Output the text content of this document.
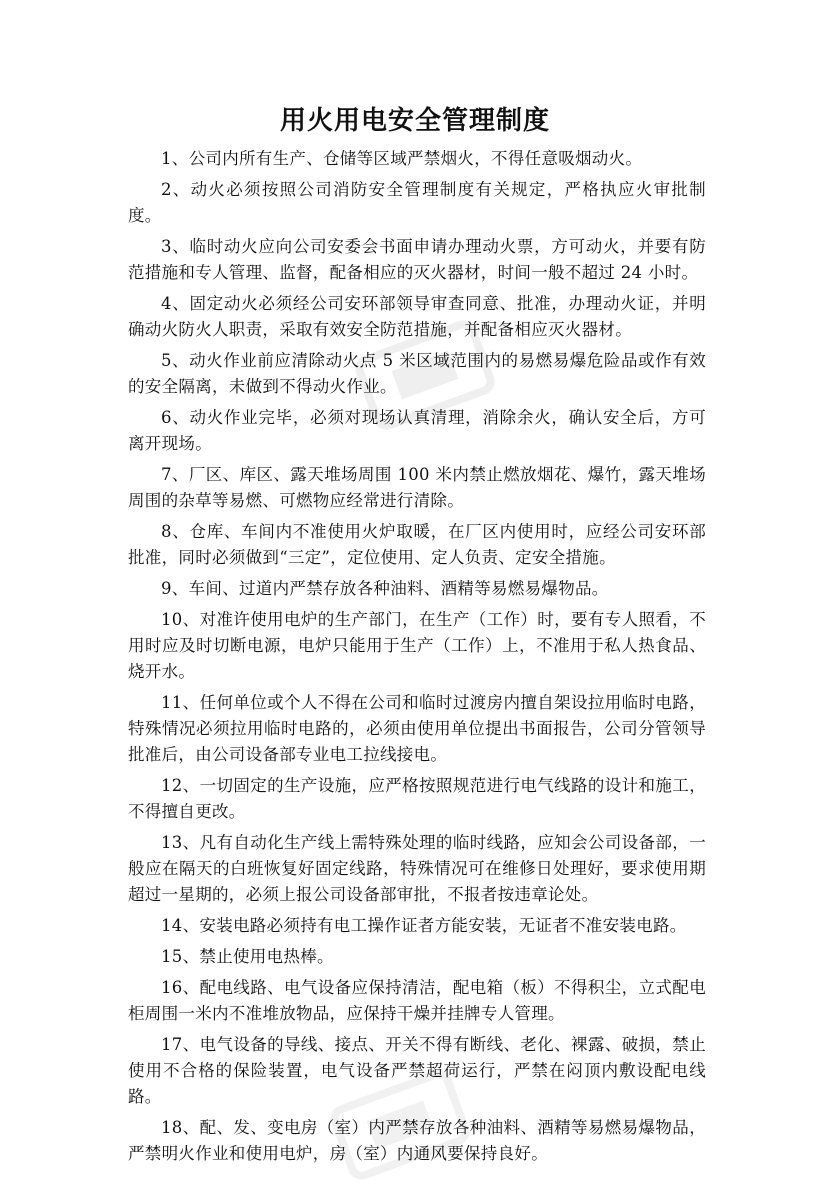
用火用电安全管理制度

1、公司内所有生产、仓储等区域严禁烟火，不得任意吸烟动火。

2、动火必须按照公司消防安全管理制度有关规定，严格执应火审批制度。

3、临时动火应向公司安委会书面申请办理动火票，方可动火，并要有防范措施和专人管理、监督，配备相应的灭火器材，时间一般不超过 24 小时。

4、固定动火必须经公司安环部领导审查同意、批准，办理动火证，并明确动火防火人职责，采取有效安全防范措施，并配备相应灭火器材。

5、动火作业前应清除动火点 5 米区域范围内的易燃易爆危险品或作有效的安全隔离，未做到不得动火作业。

6、动火作业完毕，必须对现场认真清理，消除余火，确认安全后，方可离开现场。

7、厂区、库区、露天堆场周围 100 米内禁止燃放烟花、爆竹，露天堆场周围的杂草等易燃、可燃物应经常进行清除。

8、仓库、车间内不准使用火炉取暖，在厂区内使用时，应经公司安环部批准，同时必须做到“三定”，定位使用、定人负责、定安全措施。

9、车间、过道内严禁存放各种油料、酒精等易燃易爆物品。

10、对准许使用电炉的生产部门，在生产（工作）时，要有专人照看，不用时应及时切断电源，电炉只能用于生产（工作）上，不准用于私人热食品、烧开水。

11、任何单位或个人不得在公司和临时过渡房内擅自架设拉用临时电路，特殊情况必须拉用临时电路的，必须由使用单位提出书面报告，公司分管领导批准后，由公司设备部专业电工拉线接电。

12、一切固定的生产设施，应严格按照规范进行电气线路的设计和施工，不得擅自更改。

13、凡有自动化生产线上需特殊处理的临时线路，应知会公司设备部，一般应在隔天的白班恢复好固定线路，特殊情况可在维修日处理好，要求使用期超过一星期的，必须上报公司设备部审批，不报者按违章论处。

14、安装电路必须持有电工操作证者方能安装，无证者不准安装电路。

15、禁止使用电热棒。

16、配电线路、电气设备应保持清洁，配电箱（板）不得积尘，立式配电柜周围一米内不准堆放物品，应保持干燥并挂牌专人管理。

17、电气设备的导线、接点、开关不得有断线、老化、裸露、破损，禁止使用不合格的保险装置，电气设备严禁超荷运行，严禁在闷顶内敷设配电线路。

18、配、发、变电房（室）内严禁存放各种油料、酒精等易燃易爆物品，严禁明火作业和使用电炉，房（室）内通风要保持良好。
